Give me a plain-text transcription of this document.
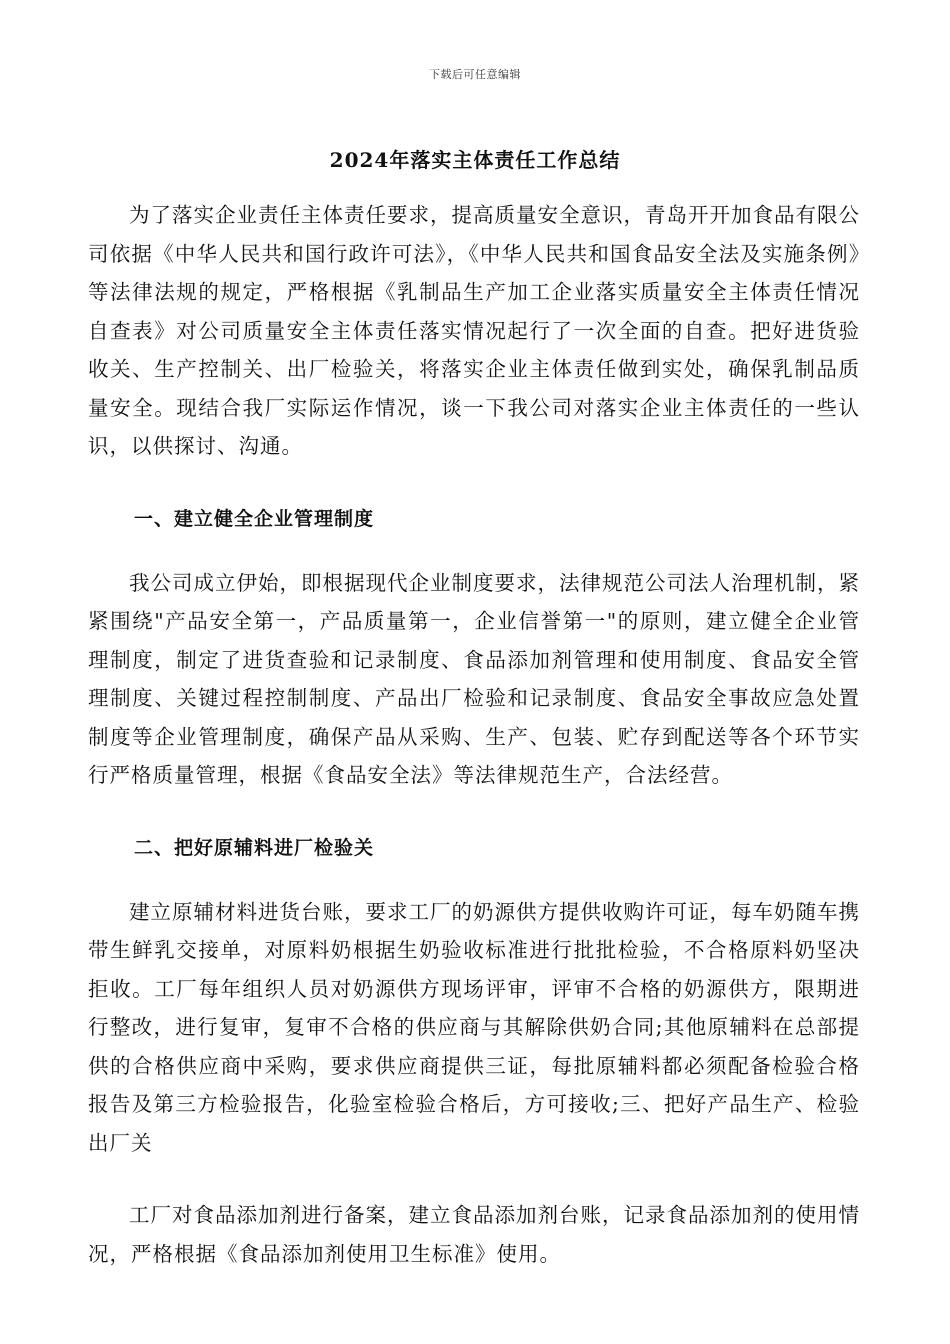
下载后可任意编辑
2024年落实主体责任工作总结

为了落实企业责任主体责任要求，提高质量安全意识，青岛开开加食品有限公司依据《中华人民共和国行政许可法》，《中华人民共和国食品安全法及实施条例》等法律法规的规定，严格根据《乳制品生产加工企业落实质量安全主体责任情况自查表》对公司质量安全主体责任落实情况起行了一次全面的自查。把好进货验收关、生产控制关、出厂检验关，将落实企业主体责任做到实处，确保乳制品质量安全。现结合我厂实际运作情况，谈一下我公司对落实企业主体责任的一些认识，以供探讨、沟通。

一、建立健全企业管理制度

我公司成立伊始，即根据现代企业制度要求，法律规范公司法人治理机制，紧紧围绕"产品安全第一，产品质量第一，企业信誉第一"的原则，建立健全企业管理制度，制定了进货查验和记录制度、食品添加剂管理和使用制度、食品安全管理制度、关键过程控制制度、产品出厂检验和记录制度、食品安全事故应急处置制度等企业管理制度，确保产品从采购、生产、包装、贮存到配送等各个环节实行严格质量管理，根据《食品安全法》等法律规范生产，合法经营。

二、把好原辅料进厂检验关

建立原辅材料进货台账，要求工厂的奶源供方提供收购许可证，每车奶随车携带生鲜乳交接单，对原料奶根据生奶验收标准进行批批检验，不合格原料奶坚决拒收。工厂每年组织人员对奶源供方现场评审，评审不合格的奶源供方，限期进行整改，进行复审，复审不合格的供应商与其解除供奶合同;其他原辅料在总部提供的合格供应商中采购，要求供应商提供三证，每批原辅料都必须配备检验合格报告及第三方检验报告，化验室检验合格后，方可接收;三、把好产品生产、检验出厂关

工厂对食品添加剂进行备案，建立食品添加剂台账，记录食品添加剂的使用情况，严格根据《食品添加剂使用卫生标准》使用。
